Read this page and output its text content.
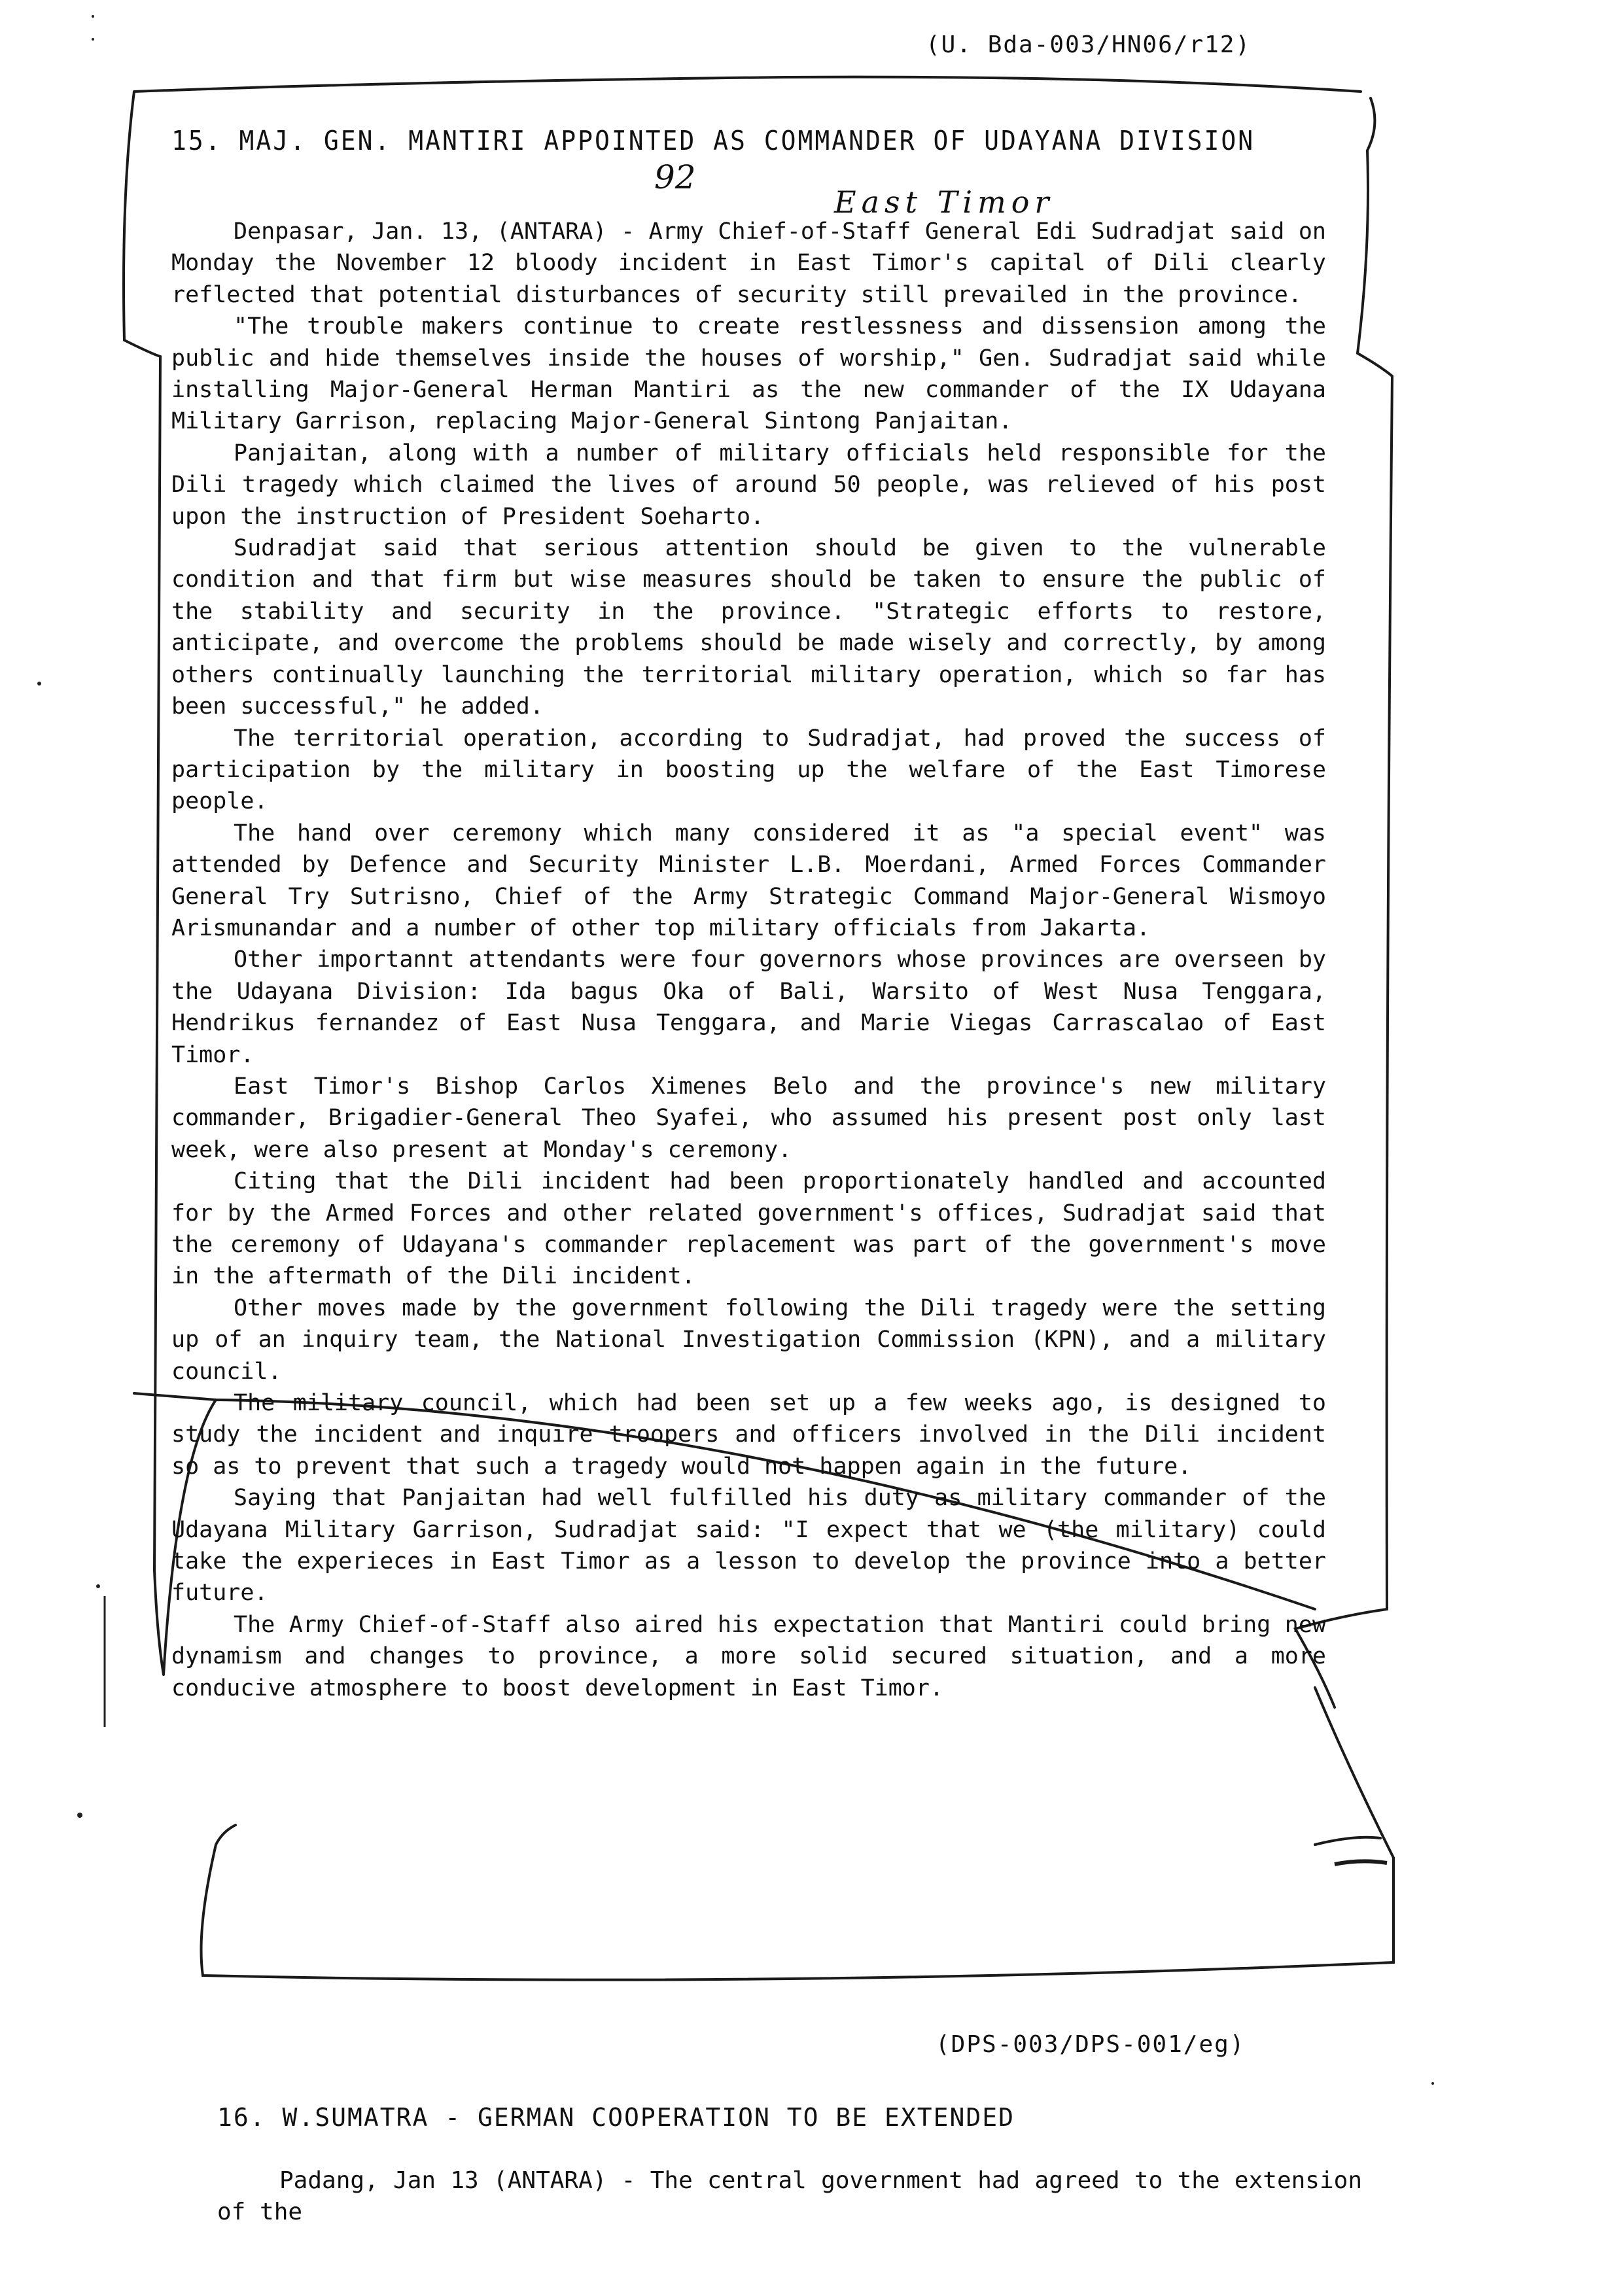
(U. Bda-003/HN06/r12)
15. MAJ. GEN. MANTIRI APPOINTED AS COMMANDER OF UDAYANA DIVISION
92
East Timor

Denpasar, Jan. 13, (ANTARA) - Army Chief-of-Staff General Edi Sudradjat said on Monday the November 12 bloody incident in East Timor's capital of Dili clearly reflected that potential disturbances of security still prevailed in the province.

"The trouble makers continue to create restlessness and dissension among the public and hide themselves inside the houses of worship," Gen. Sudradjat said while installing Major-General Herman Mantiri as the new commander of the IX Udayana Military Garrison, replacing Major-General Sintong Panjaitan.

Panjaitan, along with a number of military officials held responsible for the Dili tragedy which claimed the lives of around 50 people, was relieved of his post upon the instruction of President Soeharto.

Sudradjat said that serious attention should be given to the vulnerable condition and that firm but wise measures should be taken to ensure the public of the stability and security in the province. "Strategic efforts to restore, anticipate, and overcome the problems should be made wisely and correctly, by among others continually launching the territorial military operation, which so far has been successful," he added.

The territorial operation, according to Sudradjat, had proved the success of participation by the military in boosting up the welfare of the East Timorese people.

The hand over ceremony which many considered it as "a special event" was attended by Defence and Security Minister L.B. Moerdani, Armed Forces Commander General Try Sutrisno, Chief of the Army Strategic Command Major-General Wismoyo Arismunandar and a number of other top military officials from Jakarta.

Other importannt attendants were four governors whose provinces are overseen by the Udayana Division: Ida bagus Oka of Bali, Warsito of West Nusa Tenggara, Hendrikus fernandez of East Nusa Tenggara, and Marie Viegas Carrascalao of East Timor.

East Timor's Bishop Carlos Ximenes Belo and the province's new military commander, Brigadier-General Theo Syafei, who assumed his present post only last week, were also present at Monday's ceremony.

Citing that the Dili incident had been proportionately handled and accounted for by the Armed Forces and other related government's offices, Sudradjat said that the ceremony of Udayana's commander replacement was part of the government's move in the aftermath of the Dili incident.

Other moves made by the government following the Dili tragedy were the setting up of an inquiry team, the National Investigation Commission (KPN), and a military council.

The military council, which had been set up a few weeks ago, is designed to study the incident and inquire troopers and officers involved in the Dili incident so as to prevent that such a tragedy would not happen again in the future.

Saying that Panjaitan had well fulfilled his duty as military commander of the Udayana Military Garrison, Sudradjat said: "I expect that we (the military) could take the experieces in East Timor as a lesson to develop the province into a better future.

The Army Chief-of-Staff also aired his expectation that Mantiri could bring new dynamism and changes to province, a more solid secured situation, and a more conducive atmosphere to boost development in East Timor.

(DPS-003/DPS-001/eg)
16. W.SUMATRA - GERMAN COOPERATION TO BE EXTENDED
Padang, Jan 13 (ANTARA) - The central government had agreed to the extension of the
